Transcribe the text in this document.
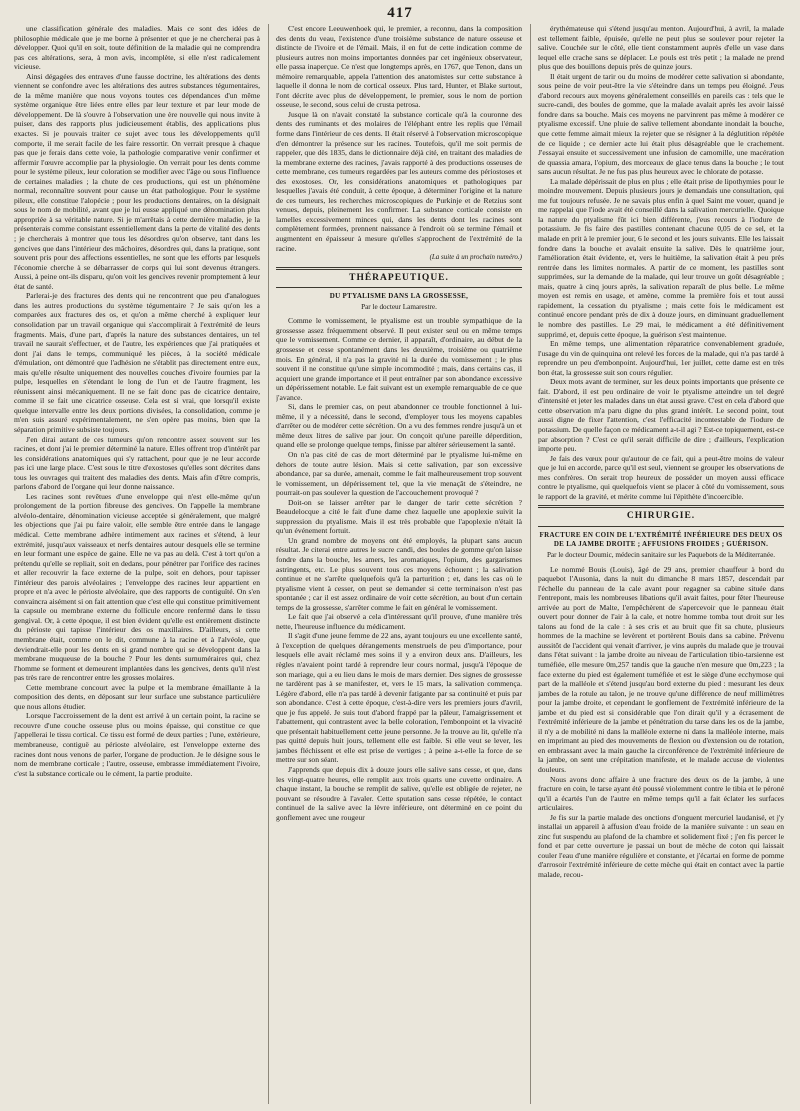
417

une classification générale des maladies. Mais ce sont des idées de philosophie médicale que je me borne à présenter et que je ne chercherai pas à développer. Quoi qu'il en soit, toute définition de la maladie qui ne comprendra pas ces altérations, sera, à mon avis, incomplète, si elle n'est radicalement vicieuse.

Ainsi dégagées des entraves d'une fausse doctrine, les altérations des dents viennent se confondre avec les altérations des autres substances tégumentaires, de la même manière que nous voyons toutes ces dépendances d'un même système organique être liées entre elles par leur texture et par leur mode de développement. De là s'ouvre à l'observation une ère nouvelle qui nous invite à puiser, dans des rapports plus judicieusement établis, des applications plus exactes. Si je pouvais traiter ce sujet avec tous les développements qu'il comporte, il me serait facile de les faire ressortir. On verrait presque à chaque pas que je ferais dans cette voie, la pathologie comparative venir confirmer et affermir l'œuvre accomplie par la physiologie. On verrait pour les dents comme pour le système pileux, leur coloration se modifier avec l'âge ou sous l'influence de certaines maladies ; la chute de ces productions, qui est un phénomène normal, reconnaître souvent pour cause un état pathologique. Pour le système pileux, elle constitue l'alopécie ; pour les productions dentaires, on la désignait sous le nom de mobilité, avant que je lui eusse appliqué une dénomination plus appropriée à sa véritable nature. Si je m'arrêtais à cette dernière maladie, je la présenterais comme consistant essentiellement dans la perte de vitalité des dents ; je chercherais à montrer que tous les désordres qu'on observe, tant dans les gencives que dans l'intérieur des mâchoires, désordres qui, dans la pratique, sont souvent pris pour des affections essentielles, ne sont que les efforts par lesquels l'économie cherche à se débarrasser de corps qui lui sont devenus étrangers. Aussi, à peine ont-ils disparu, qu'on voit les gencives revenir promptement à leur état de santé.

Parlerai-je des fractures des dents qui ne rencontrent que peu d'analogues dans les autres productions du système tégumentaire ? Je sais qu'on les a comparées aux fractures des os, et qu'on a même cherché à expliquer leur consolidation par un travail organique qui s'accomplirait à l'extrémité de leurs fragments. Mais, d'une part, d'après la nature des substances dentaires, un tel travail ne saurait s'effectuer, et de l'autre, les expériences que j'ai pratiquées et dont j'ai dans le temps, communiqué les pièces, à la société médicale d'émulation, ont démontré que l'adhésion ne s'établit pas directement entre eux, mais qu'elle résulte uniquement des nouvelles couches d'ivoire fournies par la pulpe, lesquelles en s'étendant le long de l'un et de l'autre fragment, les réunissent ainsi mécaniquement. Il ne se fait donc pas de cicatrice dentaire, comme il se fait une cicatrice osseuse. Cela est si vrai, que lorsqu'il existe quelque intervalle entre les deux portions divisées, la consolidation, comme je m'en suis assuré expérimentalement, ne s'en opère pas moins, bien que la séparation primitive subsiste toujours.

J'en dirai autant de ces tumeurs qu'on rencontre assez souvent sur les racines, et dont j'ai le premier déterminé la nature. Elles offrent trop d'intérêt par les considérations anatomiques qui s'y rattachent, pour que je ne leur accorde pas ici une large place. C'est sous le titre d'exostoses qu'elles sont décrites dans tous les ouvrages qui traitent des maladies des dents. Mais afin d'être compris, parlons d'abord de l'organe qui leur donne naissance.

Les racines sont revêtues d'une enveloppe qui n'est elle-même qu'un prolongement de la portion fibreuse des gencives. On l'appelle la membrane alvéolo-dentaire, dénomination vicieuse acceptée si généralement, que malgré les objections que j'ai pu faire valoir, elle semble être entrée dans le langage médical. Cette membrane adhère intimement aux racines et s'étend, à leur extrémité, jusqu'aux vaisseaux et nerfs dentaires autour desquels elle se termine en leur formant une espèce de gaine. Elle ne va pas au delà. C'est à tort qu'on a prétendu qu'elle se repliait, soit en dedans, pour pénétrer par l'orifice des racines et aller recouvrir la face externe de la pulpe, soit en dehors, pour tapisser l'intérieur des parois alvéolaires ; l'enveloppe des racines leur appartient en propre et n'a avec le périoste alvéolaire, que des rapports de contiguïté. On s'en convaincra aisément si on fait attention que c'est elle qui constitue primitivement la capsule ou membrane externe du follicule encore renfermé dans le tissu gengival. Or, à cette époque, il est bien évident qu'elle est entièrement distincte du périoste qui tapisse l'intérieur des os maxillaires. D'ailleurs, si cette membrane était, comme on le dit, commune à la racine et à l'alvéole, que deviendrait-elle pour les dents en si grand nombre qui se développent dans la membrane muqueuse de la bouche ? Pour les dents surnuméraires qui, chez l'homme se forment et demeurent implantées dans les gencives, dents qu'il n'est pas très rare de rencontrer entre les grosses molaires.

Cette membrane concourt avec la pulpe et la membrane émaillante à la composition des dents, en déposant sur leur surface une substance particulière que nous allons étudier.

Lorsque l'accroissement de la dent est arrivé à un certain point, la racine se recouvre d'une couche osseuse plus ou moins épaisse, qui constitue ce que j'appellerai le tissu cortical. Ce tissu est formé de deux parties ; l'une, extérieure, membraneuse, contiguë au périoste alvéolaire, est l'enveloppe externe des racines dont nous venons de parler, l'organe de production. Je le désigne sous le nom de membrane corticale ; l'autre, osseuse, embrasse immédiatement l'ivoire, c'est la substance corticale ou le cément, la partie produite.

C'est encore Leeuwenhoek qui, le premier, a reconnu, dans la composition des dents du veau, l'existence d'une troisième substance de nature osseuse et distincte de l'ivoire et de l'émail. Mais, il en fut de cette indication comme de plusieurs autres non moins importantes données par cet ingénieux observateur, elle passa inaperçue. Ce n'est que longtemps après, en 1767, que Tenon, dans un mémoire remarquable, appela l'attention des anatomistes sur cette substance à laquelle il donna le nom de cortical osseux. Plus tard, Hunter, et Blake surtout, l'ont décrite avec plus de développement, le premier, sous le nom de portion osseuse, le second, sous celui de crusta petrosa.

Jusque là on n'avait constaté la substance corticale qu'à la couronne des dents des ruminants et des molaires de l'éléphant entre les replis que l'émail forme dans l'intérieur de ces dents. Il était réservé à l'observation microscopique d'en démontrer la présence sur les racines. Toutefois, qu'il me soit permis de rappeler, que dès 1835, dans le dictionnaire déjà cité, en traitant des maladies de la membrane externe des racines, j'avais rapporté à des productions osseuses de cette membrane, ces tumeurs regardées par les auteurs comme des périostoses et des exostoses. Or, les considérations anatomiques et pathologiques par lesquelles j'avais été conduit, à cette époque, à déterminer l'origine et la nature de ces tumeurs, les recherches microscopiques de Purkinje et de Retzius sont venues, depuis, pleinement les confirmer. La substance corticale consiste en lamelles excessivement minces qui, dans les dents dont les racines sont complètement formées, prennent naissance à l'endroit où se termine l'émail et augmentent en épaisseur à mesure qu'elles s'approchent de l'extrémité de la racine.

(La suite à un prochain numéro.)

THÉRAPEUTIQUE.
DU PTYALISME DANS LA GROSSESSE,
Par le docteur Lamarestre.

Comme le vomissement, le ptyalisme est un trouble sympathique de la grossesse assez fréquemment observé. Il peut exister seul ou en même temps que le vomissement. Comme ce dernier, il apparaît, d'ordinaire, au début de la grossesse et cesse spontanément dans les deuxième, troisième ou quatrième mois. En général, il n'a pas la gravité ni la durée du vomissement ; le plus souvent il ne constitue qu'une simple incommodité ; mais, dans certains cas, il acquiert une grande importance et il peut entraîner par son abondance excessive un dépérissement notable. Le fait suivant est un exemple remarquable de ce que j'avance.

Si, dans le premier cas, on peut abandonner ce trouble fonctionnel à lui-même, il y a nécessité, dans le second, d'employer tous les moyens capables d'arrêter ou de modérer cette sécrétion. On a vu des femmes rendre jusqu'à un et même deux litres de salive par jour. On conçoit qu'une pareille déperdition, quand elle se prolonge quelque temps, finisse par altérer sérieusement la santé.

On n'a pas cité de cas de mort déterminé par le ptyalisme lui-même en dehors de toute autre lésion. Mais si cette salivation, par son excessive abondance, par sa durée, amenait, comme le fait malheureusement trop souvent le vomissement, un dépérissement tel, que la vie menaçât de s'éteindre, ne pourrait-on pas soulever la question de l'accouchement provoqué ?

Doit-on se laisser arrêter par le danger de tarir cette sécrétion ? Beaudelocque a cité le fait d'une dame chez laquelle une apoplexie suivit la suppression du ptyalisme. Mais il est très probable que l'apoplexie n'était là qu'un événement fortuit.

Un grand nombre de moyens ont été employés, la plupart sans aucun résultat. Je citerai entre autres le sucre candi, des boules de gomme qu'on laisse fondre dans la bouche, les amers, les aromatiques, l'opium, des gargarismes astringents, etc. Le plus souvent tous ces moyens échouent ; la salivation continue et ne s'arrête quelquefois qu'à la parturition ; et, dans les cas où le ptyalisme vient à cesser, on peut se demander si cette terminaison n'est pas spontanée ; car il est assez ordinaire de voir cette sécrétion, au bout d'un certain temps de la grossesse, s'arrêter comme le fait en général le vomissement.

Le fait que j'ai observé a cela d'intéressant qu'il prouve, d'une manière très nette, l'heureuse influence du médicament.

Il s'agit d'une jeune femme de 22 ans, ayant toujours eu une excellente santé, à l'exception de quelques dérangements menstruels de peu d'importance, pour lesquels elle avait réclamé mes soins il y a environ deux ans. D'ailleurs, les règles n'avaient point tardé à reprendre leur cours normal, jusqu'à l'époque de son mariage, qui a eu lieu dans le mois de mars dernier. Des signes de grossesse ne tardèrent pas à se manifester, et, vers le 15 mars, la salivation commença. Légère d'abord, elle n'a pas tardé à devenir fatigante par sa continuité et puis par son abondance. C'est à cette époque, c'est-à-dire vers les premiers jours d'avril, que je fus appelé. Je suis tout d'abord frappé par la pâleur, l'amaigrissement et l'abattement, qui contrastent avec la belle coloration, l'embonpoint et la vivacité que présentait habituellement cette jeune personne. Je la trouve au lit, qu'elle n'a pas quitté depuis huit jours, tellement elle est faible. Si elle veut se lever, les jambes fléchissent et elle est prise de vertiges ; à peine a-t-elle la force de se mettre sur son séant.

J'apprends que depuis dix à douze jours elle salive sans cesse, et que, dans les vingt-quatre heures, elle remplit aux trois quarts une cuvette ordinaire. A chaque instant, la bouche se remplit de salive, qu'elle est obligée de rejeter, ne pouvant se résoudre à l'avaler. Cette sputation sans cesse répétée, le contact continuel de la salive avec la lèvre inférieure, ont déterminé en ce point du gonflement avec une rougeur

érythémateuse qui s'étend jusqu'au menton. Aujourd'hui, à avril, la malade est tellement faible, épuisée, qu'elle ne peut plus se soulever pour rejeter la salive. Couchée sur le côté, elle tient constamment auprès d'elle un vase dans lequel elle crache sans se déplacer. Le pouls est très petit ; la malade ne prend plus que des bouillons depuis près de quinze jours.

Il était urgent de tarir ou du moins de modérer cette salivation si abondante, sous peine de voir peut-être la vie s'éteindre dans un temps peu éloigné. J'eus d'abord recours aux moyens généralement conseillés en pareils cas : tels que le sucre-candi, des boules de gomme, que la malade avalait après les avoir laissé fondre dans sa bouche. Mais ces moyens ne parvinrent pas même à modérer ce ptyalisme excessif. Une pluie de salive tellement abondante inondait la bouche, que cette femme aimait mieux la rejeter que se résigner à la déglutition répétée de ce liquide ; ce dernier acte lui était plus désagréable que le crachement. J'essayai ensuite et successivement une infusion de camomille, une macération de quassia amara, l'opium, des morceaux de glace tenus dans la bouche ; le tout sans aucun résultat. Je ne fus pas plus heureux avec le chlorate de potasse.

La malade dépérissait de plus en plus ; elle était prise de lipothymies pour le moindre mouvement. Depuis plusieurs jours je demandais une consultation, qui me fut toujours refusée. Je ne savais plus enfin à quel Saint me vouer, quand je me rappelai que l'iode avait été conseillé dans la salivation mercurielle. Quoique la nature du ptyalisme fût ici bien différente, j'eus recours à l'iodure de potassium. Je fis faire des pastilles contenant chacune 0,05 de ce sel, et la malade en prit à le premier jour, 6 le second et les jours suivants. Elle les laissait fondre dans la bouche et avalait ensuite la salive. Dès le quatrième jour, l'amélioration était évidente, et, vers le huitième, la salivation était à peu près rentrée dans les limites normales. A partir de ce moment, les pastilles sont supprimées, sur la demande de la malade, qui leur trouve un goût désagréable ; mais, quatre à cinq jours après, la salivation reparaît de plus belle. Le même moyen est remis en usage, et amène, comme la première fois et tout aussi rapidement, la cessation du ptyalisme ; mais cette fois le médicament est continué encore pendant près de dix à douze jours, en diminuant graduellement le nombre des pastilles. Le 29 mai, le médicament a été définitivement supprimé, et, depuis cette époque, la guérison s'est maintenue.

En même temps, une alimentation réparatrice convenablement graduée, l'usage du vin de quinquina ont relevé les forces de la malade, qui n'a pas tardé à reprendre un peu d'embonpoint. Aujourd'hui, 1er juillet, cette dame est en très bon état, la grossesse suit son cours régulier.

Deux mots avant de terminer, sur les deux points importants que présente ce fait. D'abord, il est peu ordinaire de voir le ptyalisme atteindre un tel degré d'intensité et jeter les malades dans un état aussi grave. C'est en cela d'abord que cette observation m'a paru digne du plus grand intérêt. Le second point, tout aussi digne de fixer l'attention, c'est l'efficacité incontestable de l'iodure de potassium. De quelle façon ce médicament a-t-il agi ? Est-ce topiquement, est-ce par absorption ? C'est ce qu'il serait difficile de dire ; d'ailleurs, l'explication importe peu.

Je fais des vœux pour qu'autour de ce fait, qui a peut-être moins de valeur que je lui en accorde, parce qu'il est seul, viennent se grouper les observations de mes confrères. On serait trop heureux de posséder un moyen aussi efficace contre le ptyalisme, qui quelquefois vient se placer à côté du vomissement, sous le rapport de la gravité, et mérite comme lui l'épithète d'incoercible.

CHIRURGIE.
FRACTURE EN COIN DE L'EXTRÉMITÉ INFÉRIEURE DES DEUX OS DE LA JAMBE DROITE ; AFFUSIONS FROIDES ; GUÉRISON.
Par le docteur Doumic, médecin sanitaire sur les Paquebots de la Méditerranée.

Le nommé Bouis (Louis), âgé de 29 ans, premier chauffeur à bord du paquebot l'Ausonia, dans la nuit du dimanche 8 mars 1857, descendait par l'échelle du panneau de la cale avant pour regagner sa cabine située dans l'entrepont, mais les nombreuses libations qu'il avait faites, pour fêter l'heureuse arrivée au port de Malte, l'empêchèrent de s'apercevoir que le panneau était ouvert pour donner de l'air à la cale, et notre homme tomba tout droit sur les talons au fond de la cale : à ses cris et au bruit que fit sa chute, plusieurs hommes de la machine se levèrent et portèrent Bouis dans sa cabine. Prévenu aussitôt de l'accident qui venait d'arriver, je vins auprès du malade que je trouvai dans l'état suivant : la jambe droite au niveau de l'articulation tibio-tarsienne est tuméfiée, elle mesure 0m,257 tandis que la gauche n'en mesure que 0m,223 ; la face externe du pied est également tuméfiée et est le siège d'une ecchymose qui part de la malléole et s'étend jusqu'au bord externe du pied : mesurant les deux jambes de la rotule au talon, je ne trouve qu'une différence de neuf millimètres pour la jambe droite, et cependant le gonflement de l'extrémité inférieure de la jambe et du pied est si considérable que l'on dirait qu'il y a écrasement de l'extrémité inférieure de la jambe et pénétration du tarse dans les os de la jambe, il n'y a de mobilité ni dans la malléole externe ni dans la malléole interne, mais en imprimant au pied des mouvements de flexion ou d'extension ou de rotation, en embrassant avec la main gauche la circonférence de l'extrémité inférieure de la jambe, on sent une crépitation manifeste, et le malade accuse de violentes douleurs.

Nous avons donc affaire à une fracture des deux os de la jambe, à une fracture en coin, le tarse ayant été poussé violemment contre le tibia et le péroné qu'il a écartés l'un de l'autre en même temps qu'il a fait éclater les surfaces articulaires.

Je fis sur la partie malade des onctions d'onguent mercuriel laudanisé, et j'y installai un appareil à affusion d'eau froide de la manière suivante : un seau en zinc fut suspendu au plafond de la chambre et solidement fixé ; j'en fis percer le fond et par cette ouverture je passai un bout de mèche de coton qui laissait couler l'eau d'une manière régulière et constante, et j'écartai en forme de pomme d'arrosoir l'extrémité inférieure de cette mèche qui était en contact avec la partie malade, recou-
